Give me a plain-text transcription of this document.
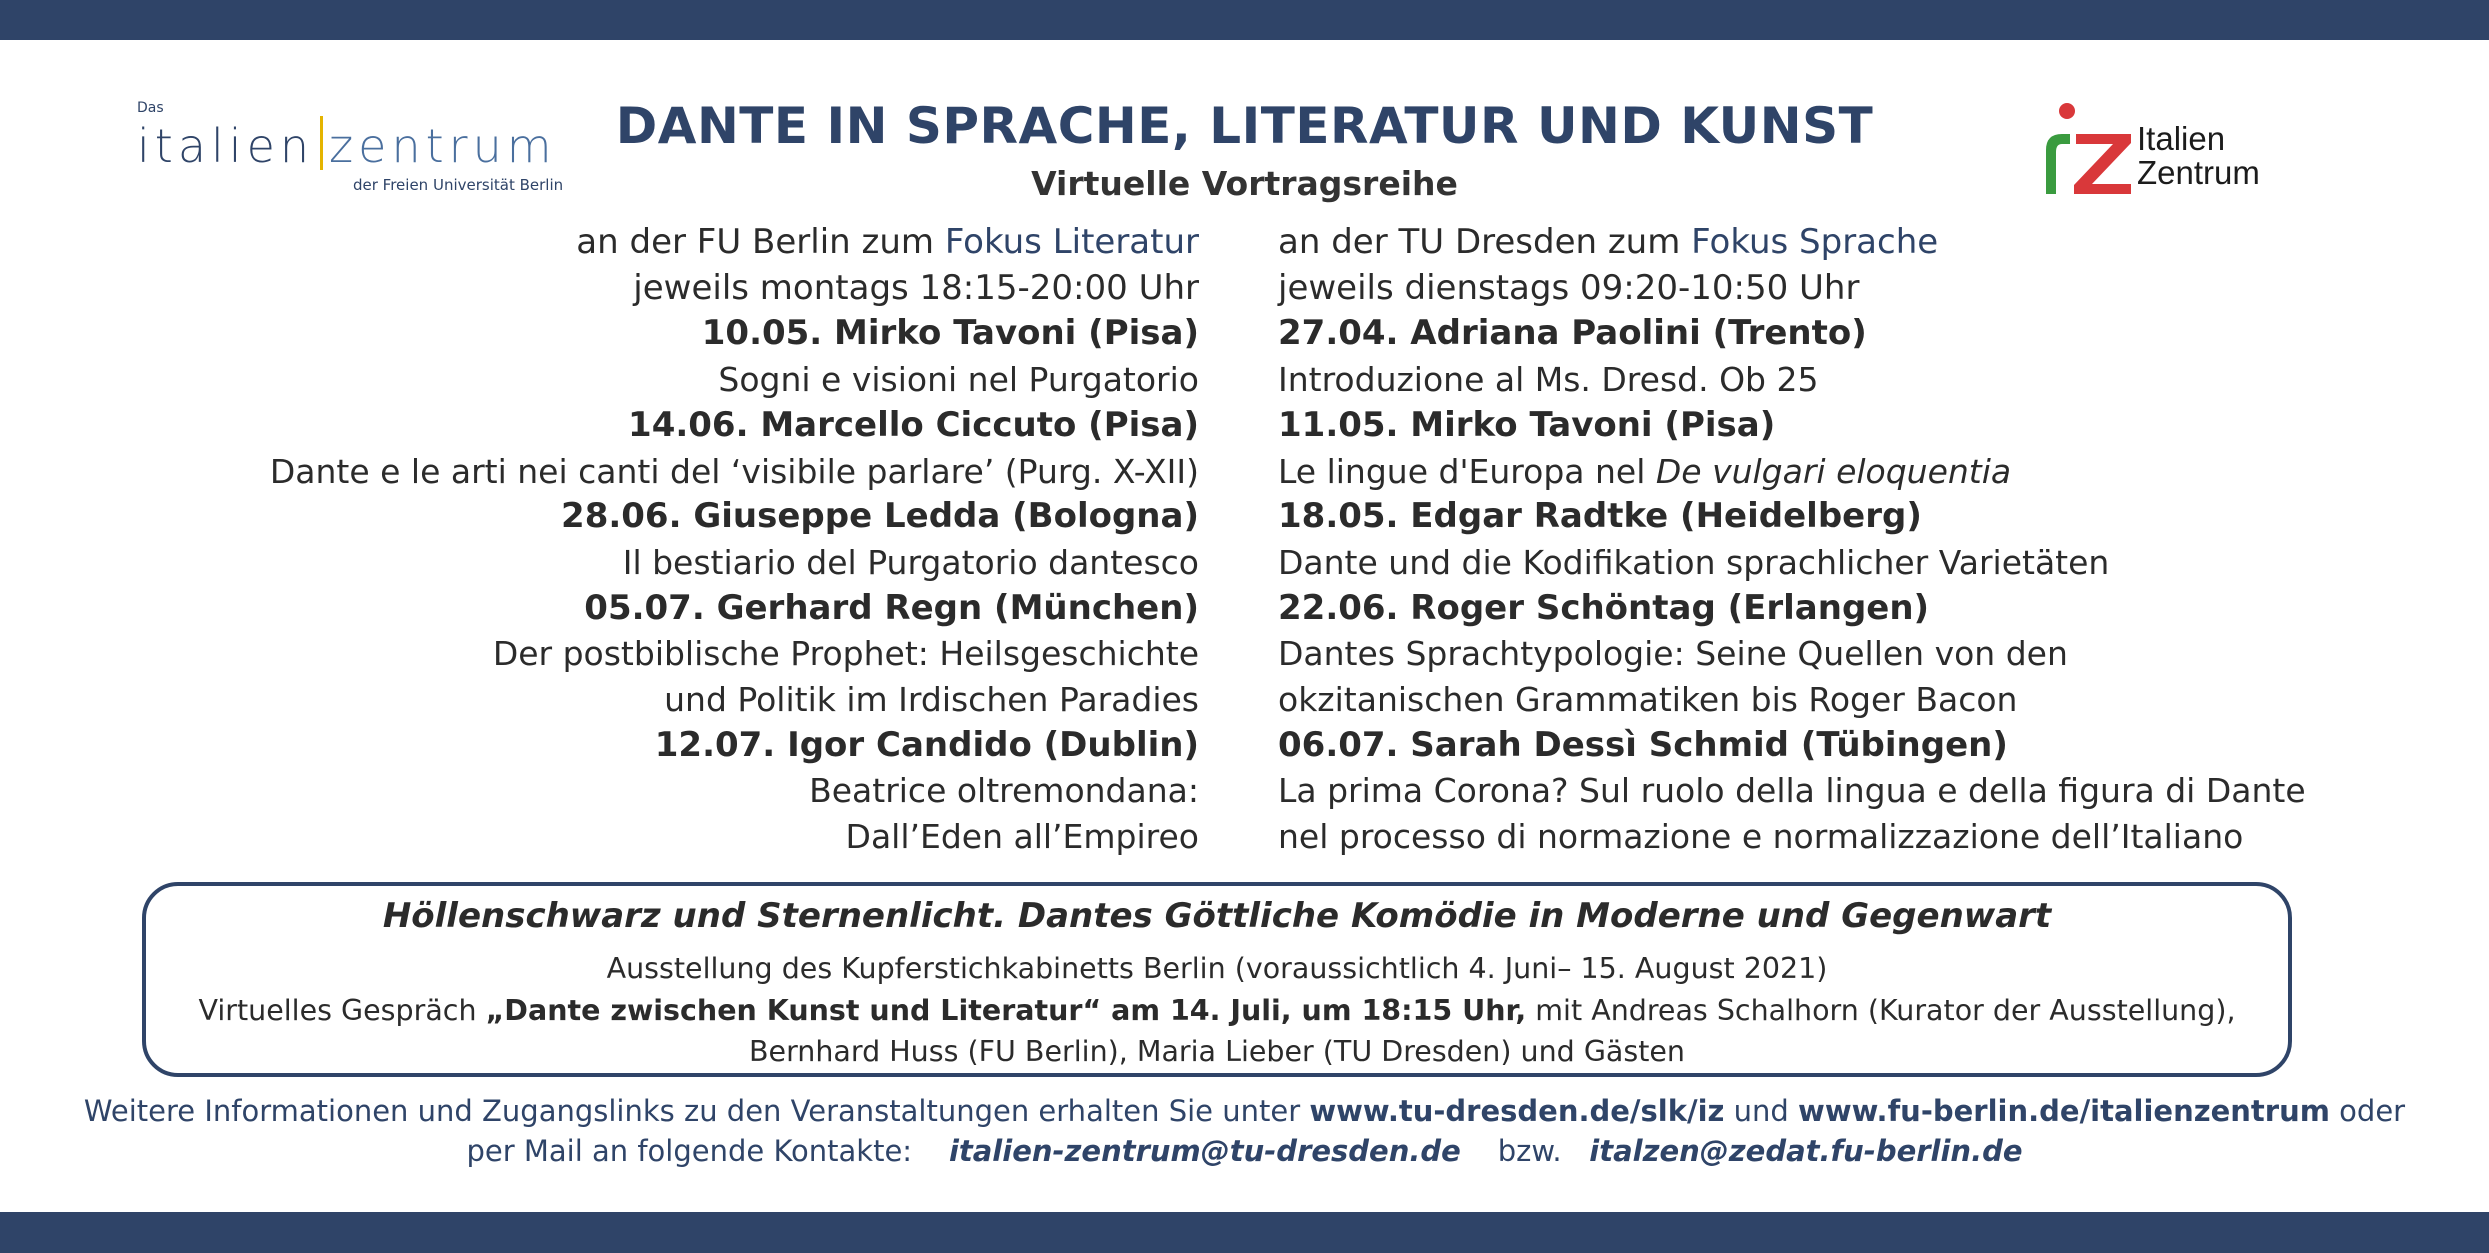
Das
italien zentrum
der Freien Universität Berlin
Italien
Zentrum
DANTE IN SPRACHE, LITERATUR UND KUNST
Virtuelle Vortragsreihe
an der FU Berlin zum Fokus Literatur
jeweils montags 18:15-20:00 Uhr
10.05. Mirko Tavoni (Pisa)
Sogni e visioni nel Purgatorio
14.06. Marcello Ciccuto (Pisa)
Dante e le arti nei canti del ‘visibile parlare’ (Purg. X-XII)
28.06. Giuseppe Ledda (Bologna)
Il bestiario del Purgatorio dantesco
05.07. Gerhard Regn (München)
Der postbiblische Prophet: Heilsgeschichte
und Politik im Irdischen Paradies
12.07. Igor Candido (Dublin)
Beatrice oltremondana:
Dall’Eden all’Empireo
an der TU Dresden zum Fokus Sprache
jeweils dienstags 09:20-10:50 Uhr
27.04. Adriana Paolini (Trento)
Introduzione al Ms. Dresd. Ob 25
11.05. Mirko Tavoni (Pisa)
Le lingue d'Europa nel De vulgari eloquentia
18.05. Edgar Radtke (Heidelberg)
Dante und die Kodifikation sprachlicher Varietäten
22.06. Roger Schöntag (Erlangen)
Dantes Sprachtypologie: Seine Quellen von den
okzitanischen Grammatiken bis Roger Bacon
06.07. Sarah Dessì Schmid (Tübingen)
La prima Corona? Sul ruolo della lingua e della figura di Dante
nel processo di normazione e normalizzazione dell’Italiano
Höllenschwarz und Sternenlicht. Dantes Göttliche Komödie in Moderne und Gegenwart
Ausstellung des Kupferstichkabinetts Berlin (voraussichtlich 4. Juni– 15. August 2021)
Virtuelles Gespräch „Dante zwischen Kunst und Literatur“ am 14. Juli, um 18:15 Uhr, mit Andreas Schalhorn (Kurator der Ausstellung),
Bernhard Huss (FU Berlin), Maria Lieber (TU Dresden) und Gästen
Weitere Informationen und Zugangslinks zu den Veranstaltungen erhalten Sie unter www.tu-dresden.de/slk/iz und www.fu-berlin.de/italienzentrum oder
per Mail an folgende Kontakte: italien-zentrum@tu-dresden.de bzw. italzen@zedat.fu-berlin.de
